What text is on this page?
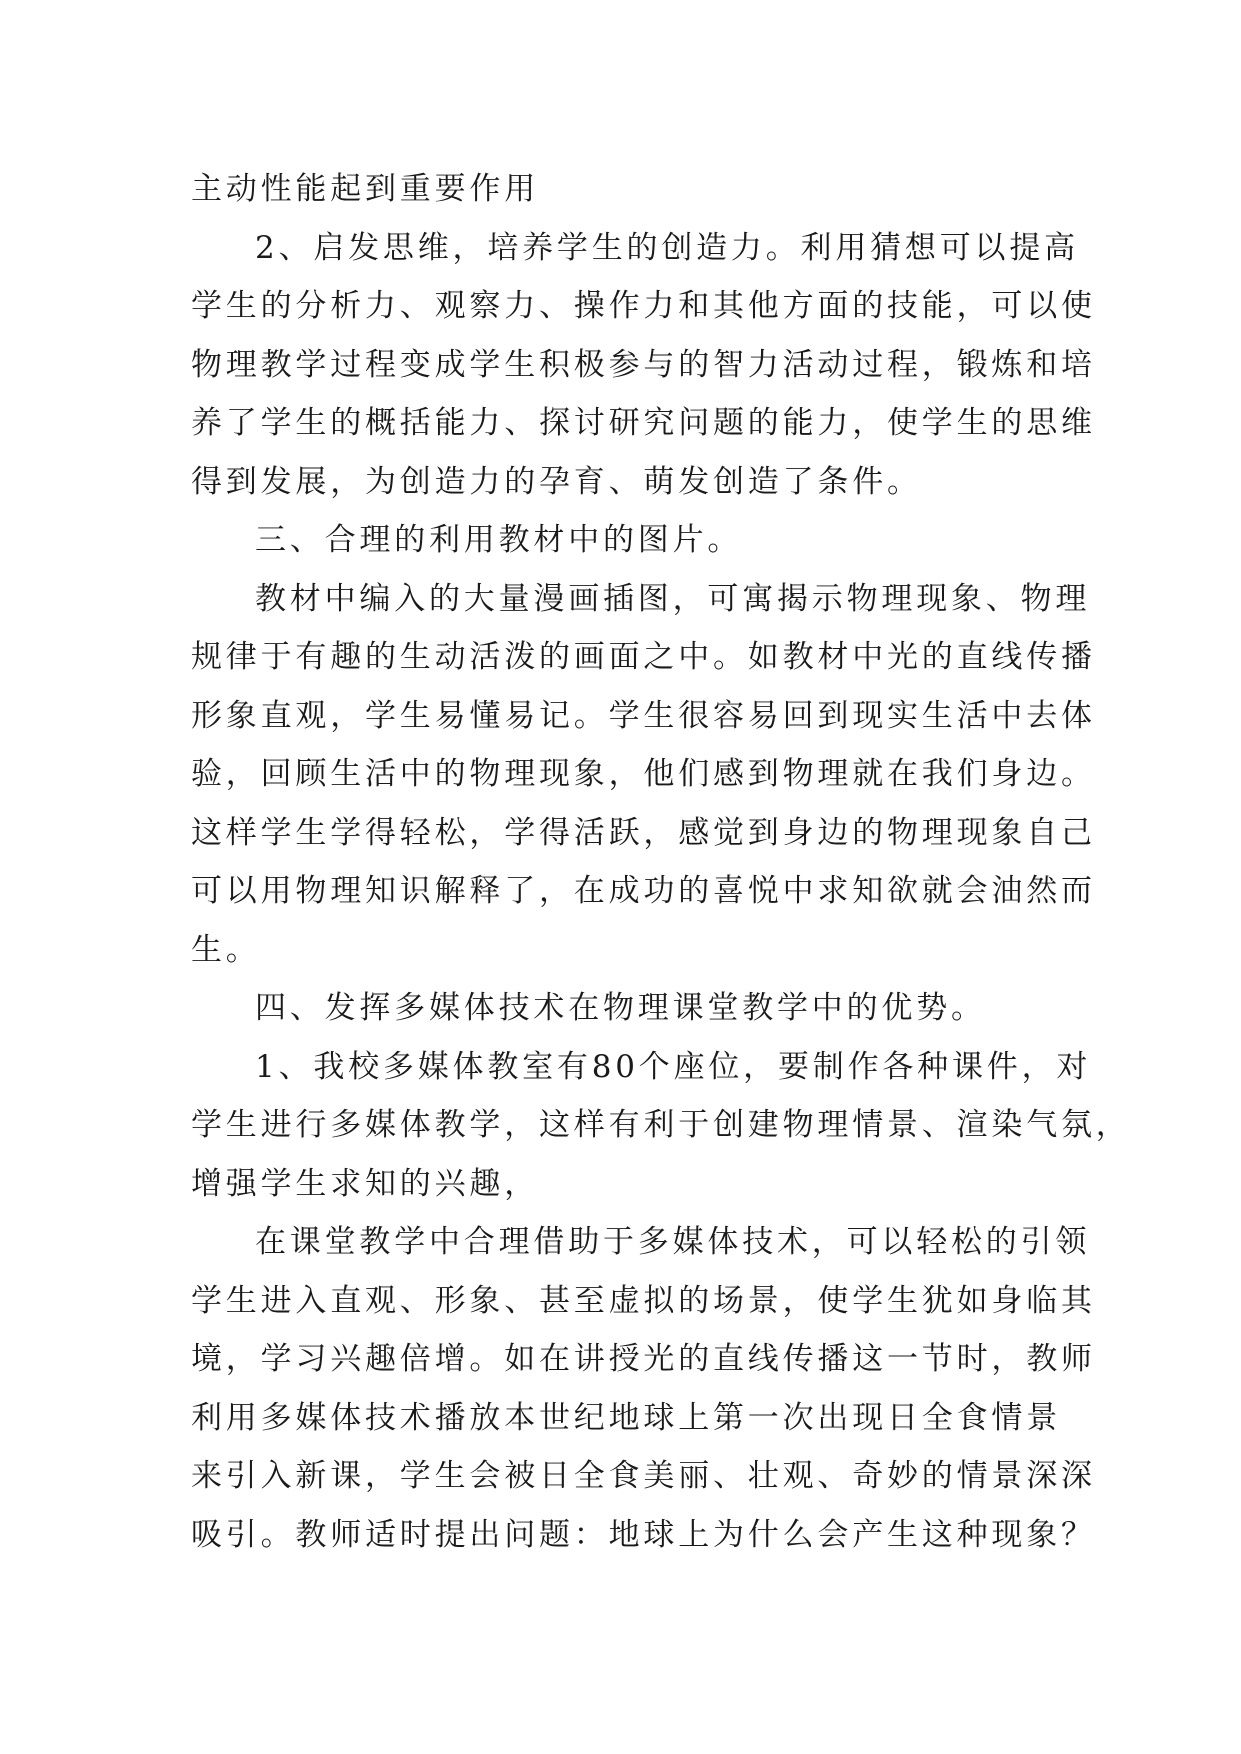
主动性能起到重要作用
2、启发思维，培养学生的创造力。利用猜想可以提高
学生的分析力、观察力、操作力和其他方面的技能，可以使
物理教学过程变成学生积极参与的智力活动过程，锻炼和培
养了学生的概括能力、探讨研究问题的能力，使学生的思维
得到发展，为创造力的孕育、萌发创造了条件。
三、合理的利用教材中的图片。
教材中编入的大量漫画插图，可寓揭示物理现象、物理
规律于有趣的生动活泼的画面之中。如教材中光的直线传播
形象直观，学生易懂易记。学生很容易回到现实生活中去体
验，回顾生活中的物理现象，他们感到物理就在我们身边。
这样学生学得轻松，学得活跃，感觉到身边的物理现象自己
可以用物理知识解释了，在成功的喜悦中求知欲就会油然而
生。
四、发挥多媒体技术在物理课堂教学中的优势。
1、我校多媒体教室有80个座位，要制作各种课件，对
学生进行多媒体教学，这样有利于创建物理情景、渲染气氛，
增强学生求知的兴趣，
在课堂教学中合理借助于多媒体技术，可以轻松的引领
学生进入直观、形象、甚至虚拟的场景，使学生犹如身临其
境，学习兴趣倍增。如在讲授光的直线传播这一节时，教师
利用多媒体技术播放本世纪地球上第一次出现日全食情景
来引入新课，学生会被日全食美丽、壮观、奇妙的情景深深
吸引。教师适时提出问题：地球上为什么会产生这种现象？
